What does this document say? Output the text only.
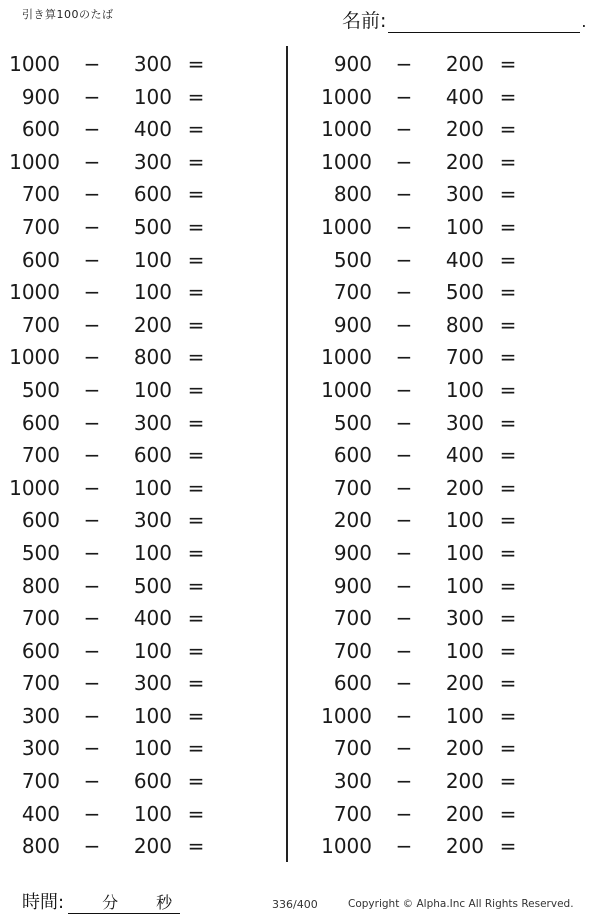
引き算100のたば	名前:	.
1000 −	300 =
900 −	100 =
600 −	400 =
1000 −	300 =
700 −	600 =
700 −	500 =
600 −	100 =
1000 −	100 =
700 −	200 =
1000 −	800 =
500 −	100 =
600 −	300 =
700 −	600 =
1000 −	100 =
600 −	300 =
500 −	100 =
800 −	500 =
700 −	400 =
600 −	100 =
700 −	300 =
300 −	100 =
300 −	100 =
700 −	600 =
400 −	100 =
800 −	200 =
900 −	200 =
1000 −	400 =
1000 −	200 =
1000 −	200 =
800 −	300 =
1000 −	100 =
500 −	400 =
700 −	500 =
900 −	800 =
1000 −	700 =
1000 −	100 =
500 −	300 =
600 −	400 =
700 −	200 =
200 −	100 =
900 −	100 =
900 −	100 =
700 −	300 =
700 −	100 =
600 −	200 =
1000 −	100 =
700 −	200 =
300 −	200 =
700 −	200 =
1000 −	200 =
時間: 分 秒	336/400	Copyright © Alpha.Inc All Rights Reserved.
